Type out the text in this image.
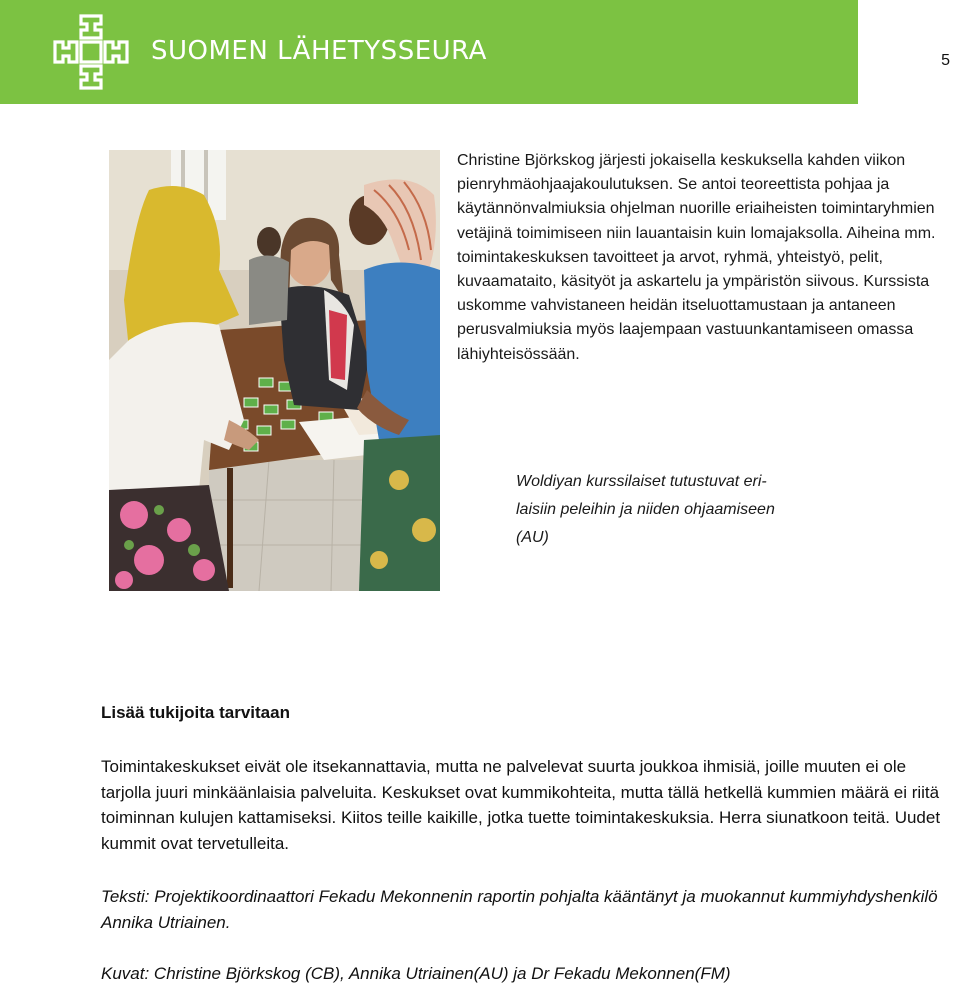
SUOMEN LÄHETYSSEURA	5
Christine Björkskog järjesti jokaisella keskuksella kahden viikon pienryhmäohjaajakoulutuksen. Se antoi teoreettista pohjaa ja käytännönvalmiuksia ohjelman nuorille eriaiheisten toimintaryhmien vetäjinä toimimiseen niin lauantaisin kuin lomajaksolla. Aiheina mm. toimintakeskuksen tavoitteet ja arvot, ryhmä, yhteistyö, pelit, kuvaamataito, käsityöt ja askartelu ja ympäristön siivous. Kurssista uskomme vahvistaneen heidän itseluottamustaan ja antaneen perusvalmiuksia myös laajempaan vastuunkantamiseen omassa lähiyhteisössään.
Woldiyan kurssilaiset tutustuvat eri-
laisiin peleihin ja niiden ohjaamiseen
(AU)
Lisää tukijoita tarvitaan
Toimintakeskukset eivät ole itsekannattavia, mutta ne palvelevat suurta joukkoa ihmisiä, joille muuten ei ole tarjolla juuri minkäänlaisia palveluita. Keskukset ovat kummikohteita, mutta tällä hetkellä kummien määrä ei riitä toiminnan kulujen kattamiseksi. Kiitos teille kaikille, jotka tuette toimintakeskuksia. Herra siunatkoon teitä. Uudet kummit ovat tervetulleita.
Teksti: Projektikoordinaattori Fekadu Mekonnenin raportin pohjalta kääntänyt ja muokannut kummiyhdyshenkilö Annika Utriainen.
Kuvat: Christine Björkskog (CB), Annika Utriainen(AU) ja Dr Fekadu Mekonnen(FM)
